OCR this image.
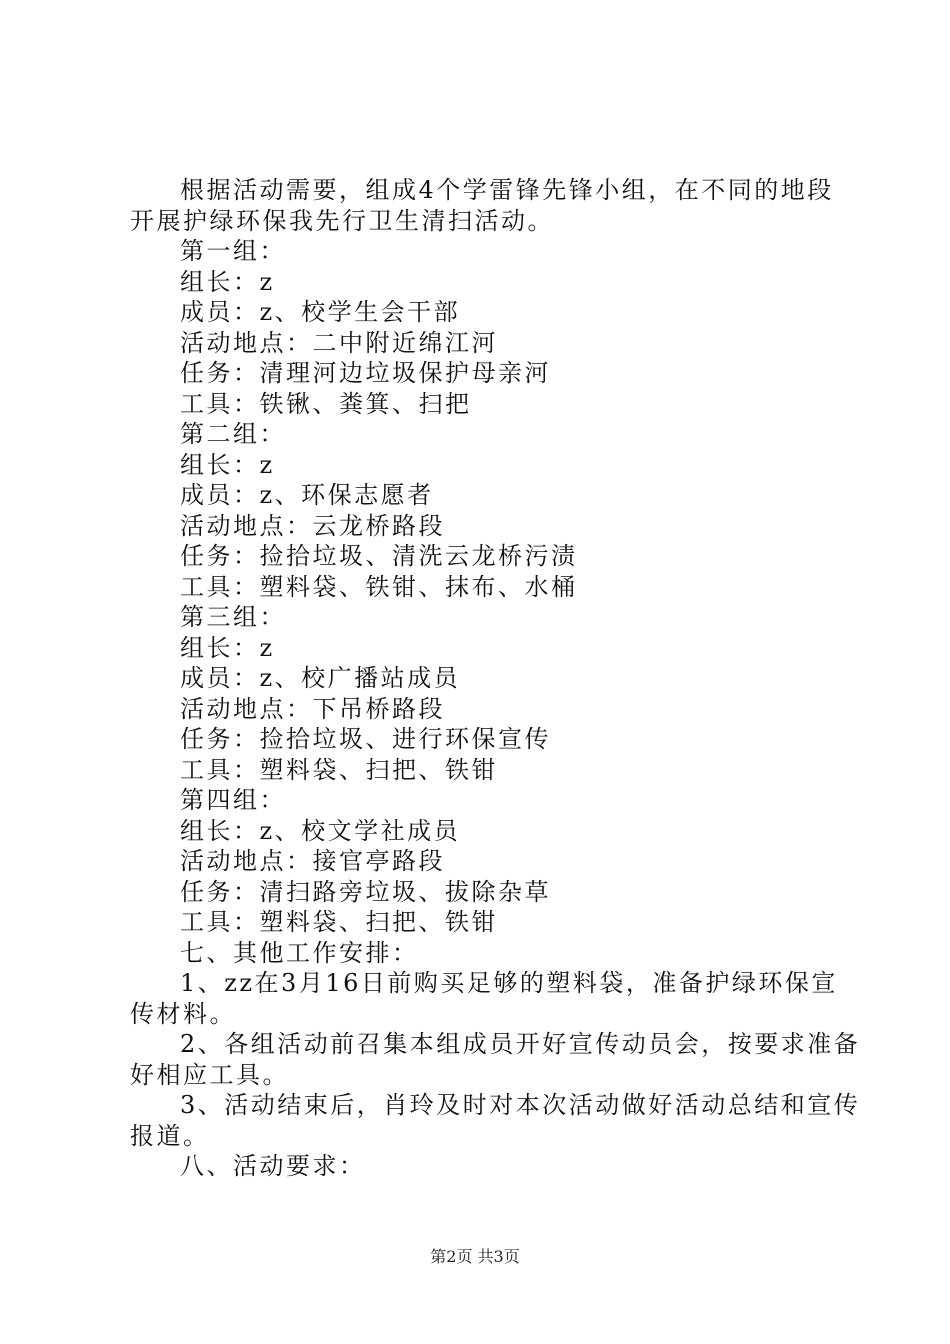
根据活动需要，组成4个学雷锋先锋小组，在不同的地段
开展护绿环保我先行卫生清扫活动。
第一组：
组长：z
成员：z、校学生会干部
活动地点：二中附近绵江河
任务：清理河边垃圾保护母亲河
工具：铁锹、粪箕、扫把
第二组：
组长：z
成员：z、环保志愿者
活动地点：云龙桥路段
任务：捡拾垃圾、清洗云龙桥污渍
工具：塑料袋、铁钳、抹布、水桶
第三组：
组长：z
成员：z、校广播站成员
活动地点：下吊桥路段
任务：捡拾垃圾、进行环保宣传
工具：塑料袋、扫把、铁钳
第四组：
组长：z、校文学社成员
活动地点：接官亭路段
任务：清扫路旁垃圾、拔除杂草
工具：塑料袋、扫把、铁钳
七、其他工作安排：
1、zz在3月16日前购买足够的塑料袋，准备护绿环保宣
传材料。
2、各组活动前召集本组成员开好宣传动员会，按要求准备
好相应工具。
3、活动结束后，肖玲及时对本次活动做好活动总结和宣传
报道。
八、活动要求：
第2页 共3页
